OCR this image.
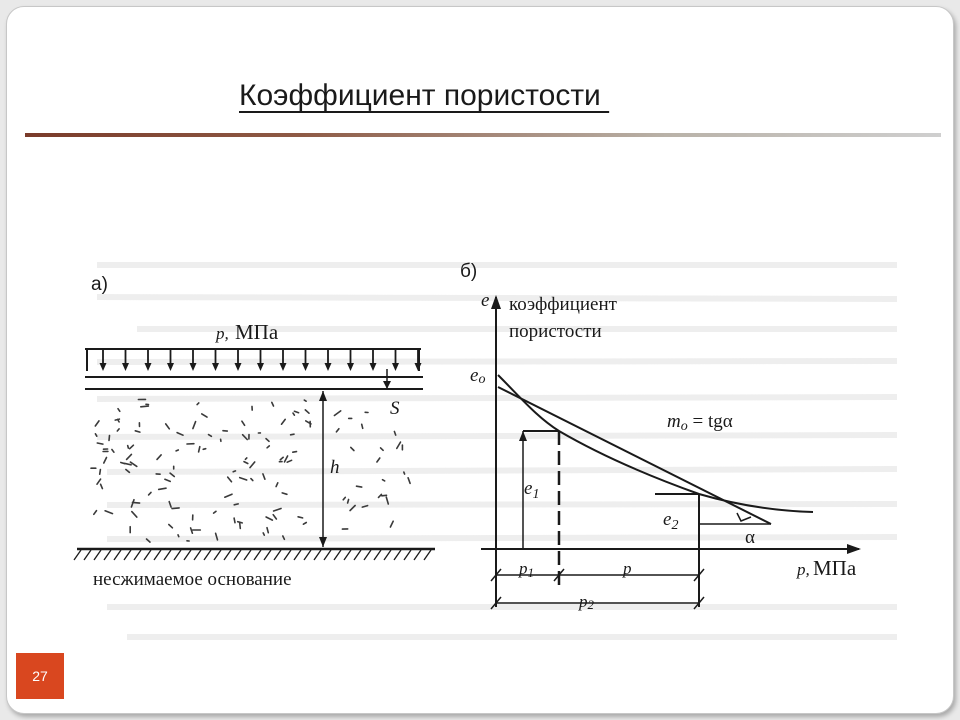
Коэффициент пористости
а)
p, МПа
S
h
несжимаемое основание
б)
e коэффициент
пористости
p, МПа
eo
$e_1$
$e_2$
α
mo = tgα
p1	p
p2
27
